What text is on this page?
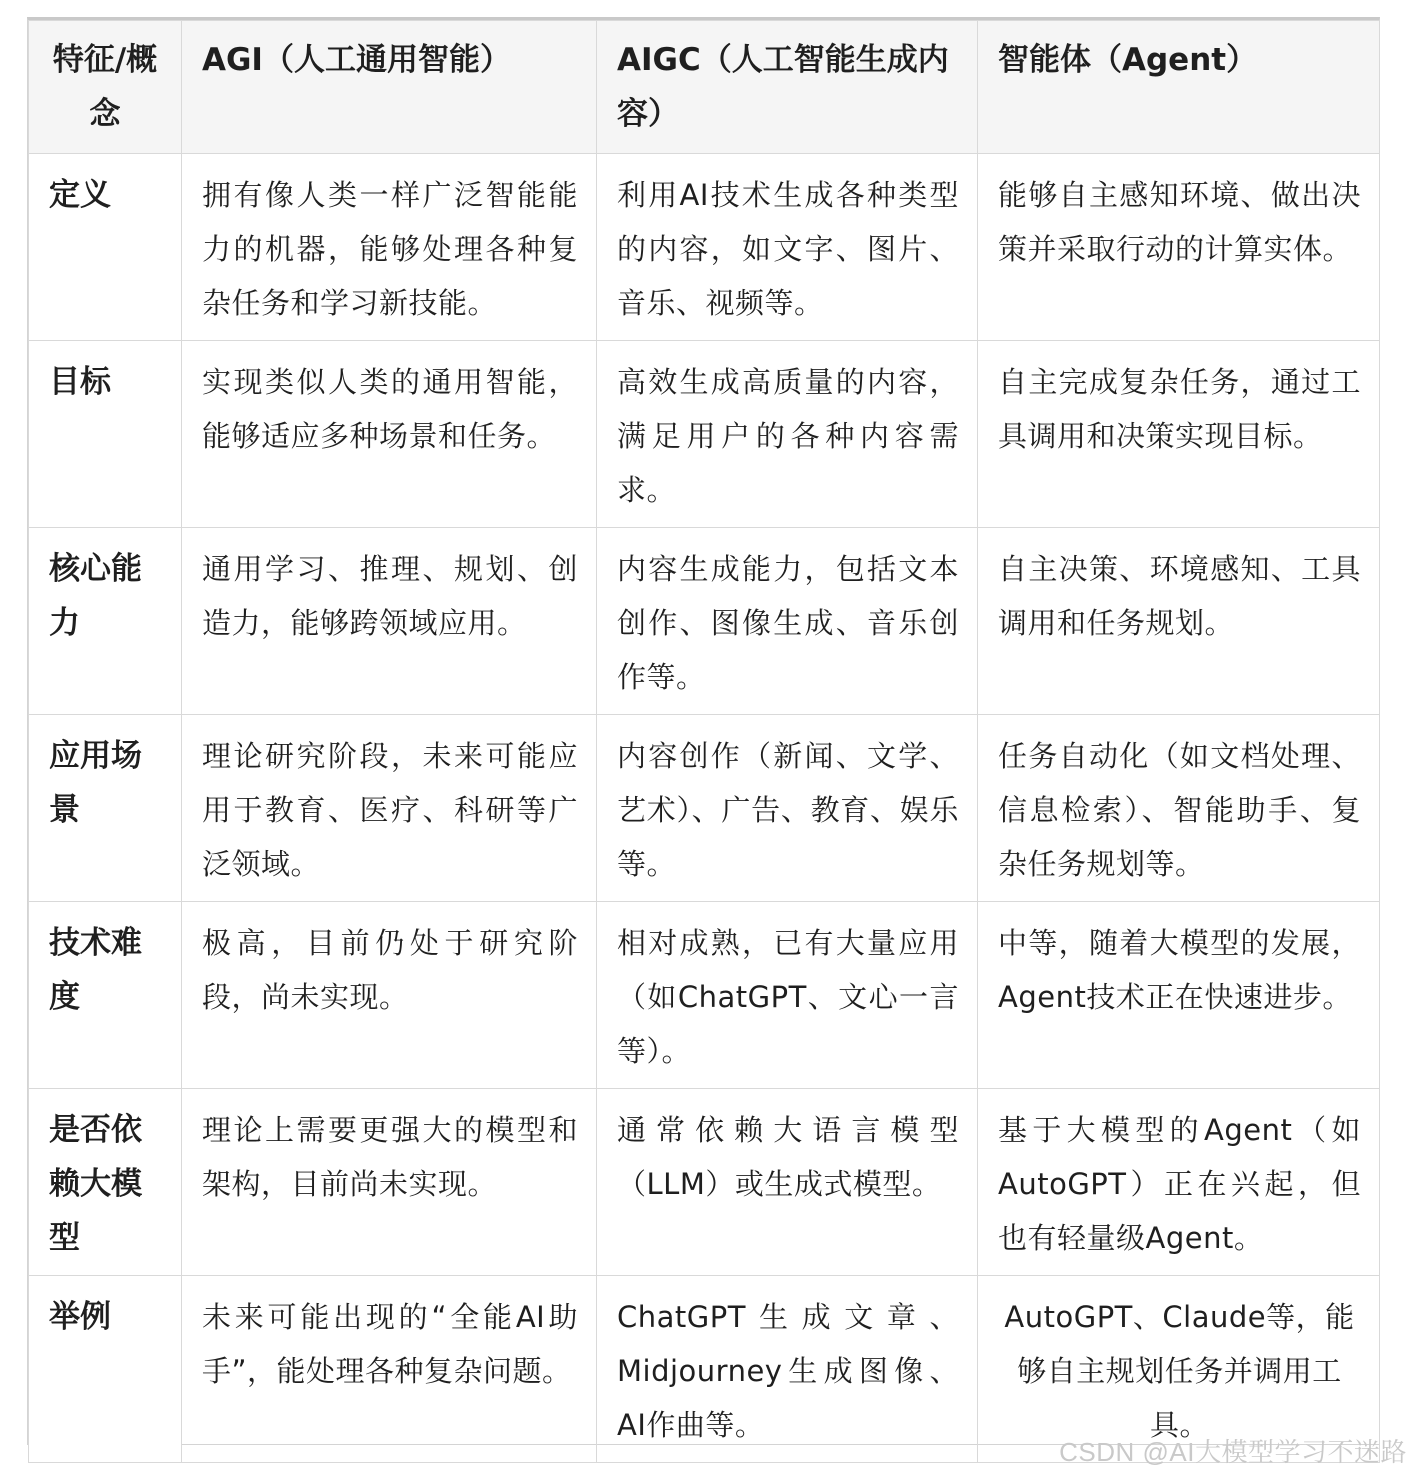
特征/概念	AGI（人工通用智能）	AIGC（人工智能生成内容）	智能体（Agent）
定义	拥有像人类一样广泛智能能力的机器，能够处理各种复杂任务和学习新技能。	利用AI技术生成各种类型的内容，如文字、图片、音乐、视频等。	能够自主感知环境、做出决策并采取行动的计算实体。
目标	实现类似人类的通用智能，能够适应多种场景和任务。	高效生成高质量的内容，满足用户的各种内容需求。	自主完成复杂任务，通过工具调用和决策实现目标。
核心能力	通用学习、推理、规划、创造力，能够跨领域应用。	内容生成能力，包括文本创作、图像生成、音乐创作等。	自主决策、环境感知、工具调用和任务规划。
应用场景	理论研究阶段，未来可能应用于教育、医疗、科研等广泛领域。	内容创作（新闻、文学、艺术）、广告、教育、娱乐等。	任务自动化（如文档处理、信息检索）、智能助手、复杂任务规划等。
技术难度	极高，目前仍处于研究阶段，尚未实现。	相对成熟，已有大量应用（如ChatGPT、文心一言等）。	中等，随着大模型的发展，Agent技术正在快速进步。
是否依赖大模型	理论上需要更强大的模型和架构，目前尚未实现。	通常依赖大语言模型（LLM）或生成式模型。	基于大模型的Agent（如AutoGPT）正在兴起，但也有轻量级Agent。
举例	未来可能出现的“全能AI助手”，能处理各种复杂问题。	ChatGPT生成文章、Midjourney生成图像、AI作曲等。	AutoGPT、Claude等，能够自主规划任务并调用工具。
CSDN @AI大模型学习不迷路
